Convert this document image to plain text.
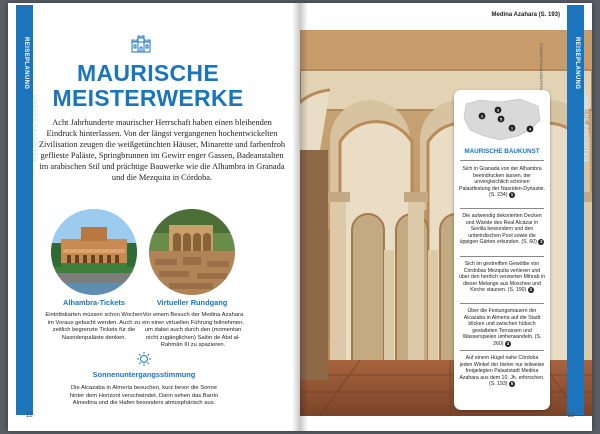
REISEPLANUNG
UNSERE FAVORITEN
MAURISCHE
MEISTERWERKE
Acht Jahrhunderte maurischer Herrschaft haben einen bleibenden Eindruck hinterlassen. Von der längst vergangenen hochentwickelten Zivilisation zeugen die weißgetünchten Häuser, Minarette und farbenfroh geflieste Paläste, Springbrunnen im Gewirr enger Gassen, Badeanstalten im arabischen Stil und prächtige Bauwerke wie die Alhambra in Granada und die Mezquita in Córdoba.
Alhambra-Tickets
Eintrittskarten müssen schon Wochen im Voraus gebucht werden. Auch zu zeitlich begrenzte Tickets für die Nasridenpaläste denken.
Virtueller Rundgang
Vor einem Besuch der Medina Azahara ein einer virtuellen Führung teilnehmen, um dabei auch durch den (momentan nicht zugänglichen) Salón de Abd al-Rahmān III zu spazieren.
Sonnenuntergangsstimmung
Die Alcazaba in Almería besuchen, kurz bevor die Sonne hinter dem Horizont verschwindet. Dann sehen das Barrio Almedina und die Hafen besonders atmosphärisch aus.
12
Medina Azahara (S. 193)
REISEPLANUNG
UNSERE FAVORITEN
13
2
3
5
1	4
MAURISCHE BAUKUNST
Sich in Granada von der Alhambra beeindrucken lassen, der unvergleichlich schönen Palastfestung der Nasriden-Dynastie. (S. 234) 1
Die aufwendig dekorierten Decken und Wände des Real Alcázar in Sevilla bewundern und den unterirdischen Pool sowie die üppigen Gärten erkunden. (S. 60) 2
Sich im gestreiften Gewölbe von Córdobas Mezquita verlieren und über den herrlich verzierten Mihrab in dieser Melange aus Moschee und Kirche staunen. (S. 190) 3
Über die Festungsmauern der Alcazaba in Almería auf die Stadt blicken und zwischen hübsch gestalteten Terrassen und Wasserspielen umherwandeln. (S. 260) 4
Auf einem Hügel nahe Córdoba jeden Winkel der bisher nur teilweise freigelegten Palaststadt Medina Azahara aus dem 10. Jh. erforschen. (S. 193) 5
